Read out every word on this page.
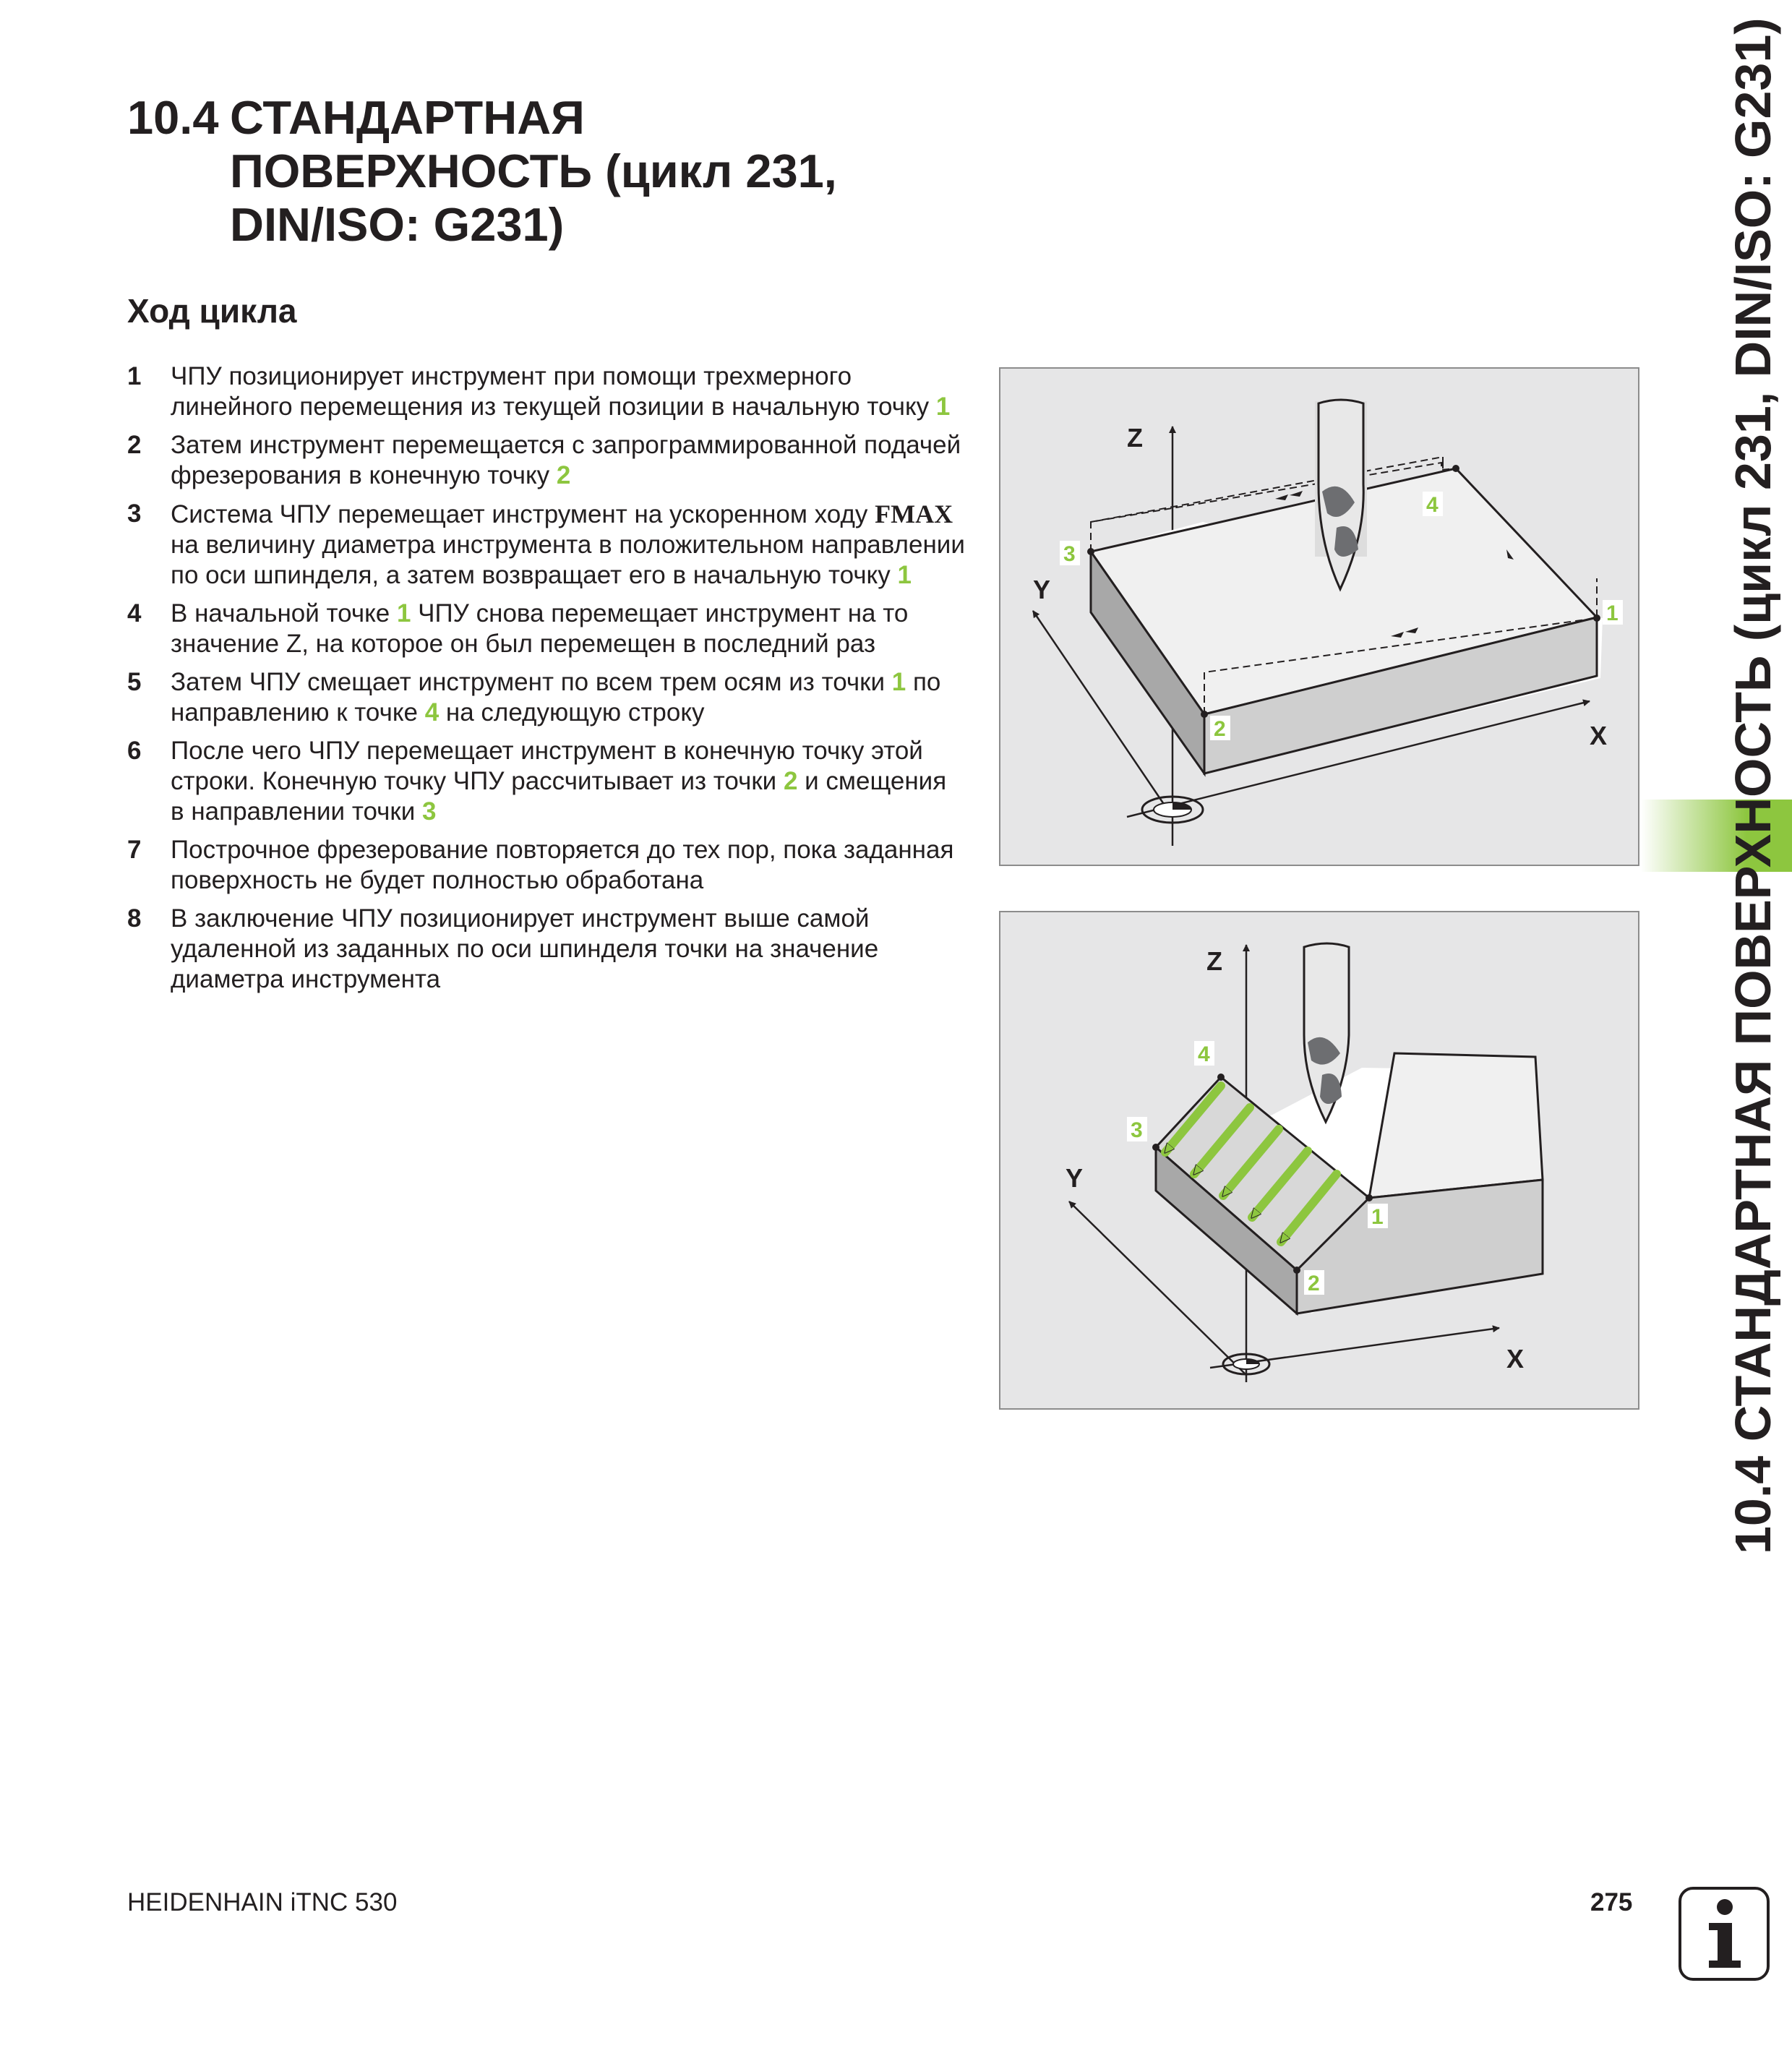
10.4 СТАНДАРТНАЯ
ПОВЕРХНОСТЬ (цикл 231,
DIN/ISO: G231)
Ход цикла
1 ЧПУ позиционирует инструмент при помощи трехмерного линейного перемещения из текущей позиции в начальную точку 1
2 Затем инструмент перемещается с запрограммированной подачей фрезерования в конечную точку 2
3 Система ЧПУ перемещает инструмент на ускоренном ходу FMAX на величину диаметра инструмента в положительном направлении по оси шпинделя, а затем возвращает его в начальную точку 1
4 В начальной точке 1 ЧПУ снова перемещает инструмент на то значение Z, на которое он был перемещен в последний раз
5 Затем ЧПУ смещает инструмент по всем трем осям из точки 1 по направлению к точке 4 на следующую строку
6 После чего ЧПУ перемещает инструмент в конечную точку этой строки. Конечную точку ЧПУ рассчитывает из точки 2 и смещения в направлении точки 3
7 Построчное фрезерование повторяется до тех пор, пока заданная поверхность не будет полностью обработана
8 В заключение ЧПУ позиционирует инструмент выше самой удаленной из заданных по оси шпинделя точки на значение диаметра инструмента
Z
Y
X
3
2
1
4
Z
Y
X
3
4
1
2	10.4 СТАНДАРТНАЯ ПОВЕРХНОСТЬ (цикл 231, DIN/ISO: G231)
HEIDENHAIN iTNC 530	275
